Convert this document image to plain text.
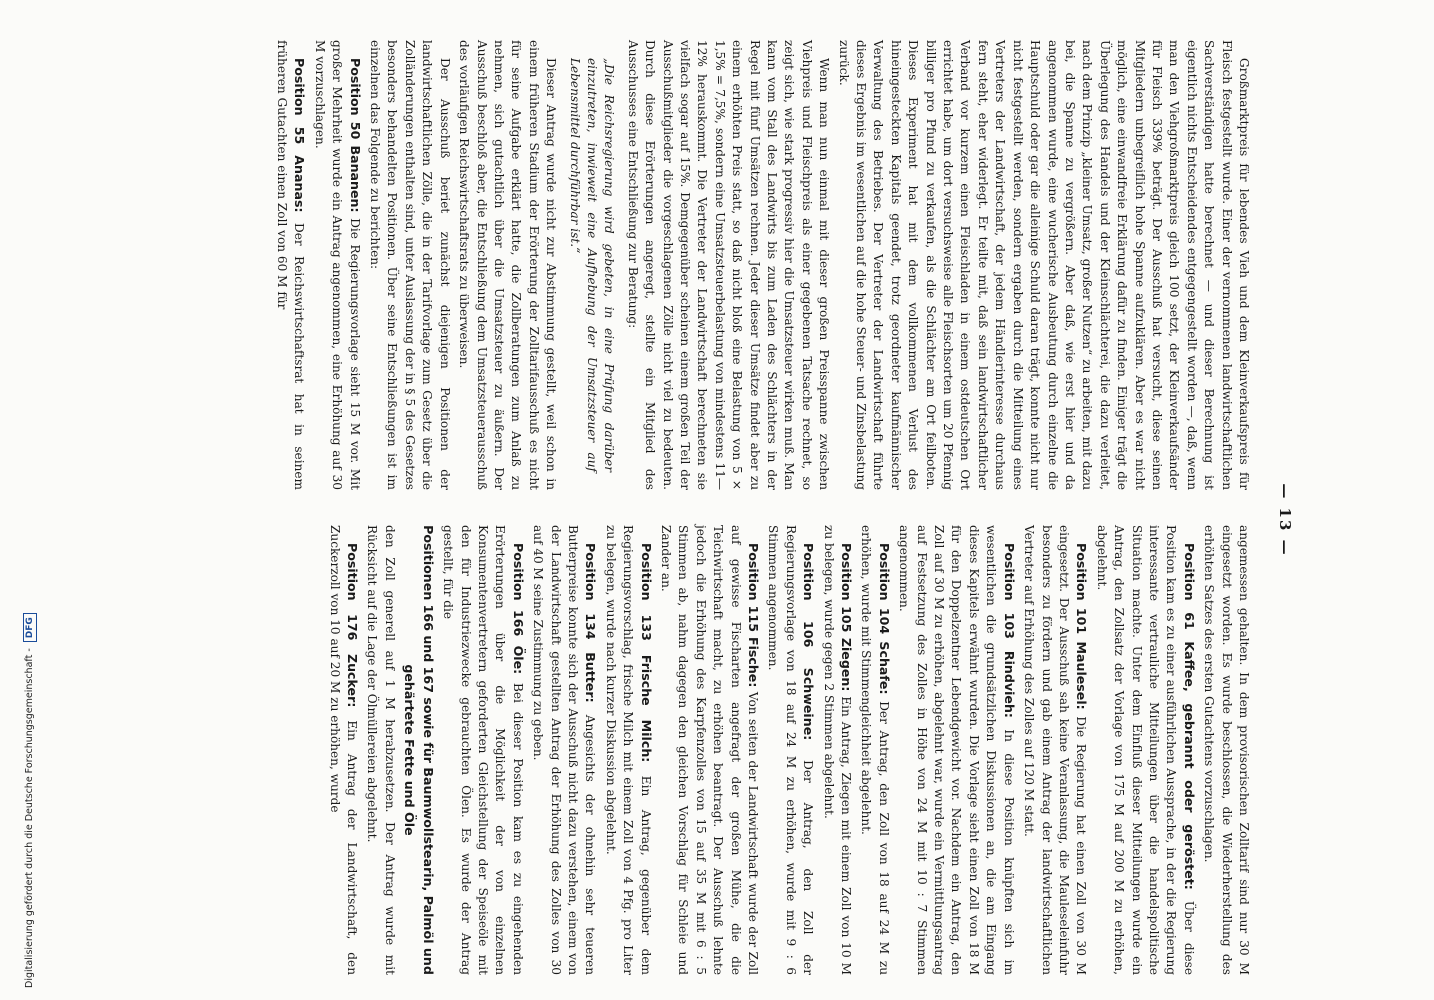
— 13 —

Großmarktpreis für lebendes Vieh und dem Kleinverkaufspreis für Fleisch festgestellt wurde. Einer der vernommenen landwirtschaftlichen Sachverständigen hatte berechnet — und dieser Berechnung ist eigentlich nichts Entscheidendes entgegengestellt worden —, daß, wenn man den Viehgroßmarktpreis gleich 100 setzt, der Kleinverkaufsänder für Fleisch 339% beträgt. Der Ausschuß hat versucht, diese seinen Mitgliedern unbegreiflich hohe Spanne aufzuklären. Aber es war nicht möglich, eine einwandfreie Erklärung dafür zu finden. Einiger trägt die Überlegung des Handels und der Kleinschlächterei, die dazu verleitet, nach dem Prinzip „kleiner Umsatz, großer Nutzen“ zu arbeiten, mit dazu bei, die Spanne zu vergrößern. Aber daß, wie erst hier und da angenommen wurde, eine wucherische Ausbeutung durch einzelne die Hauptschuld oder gar die alleinige Schuld daran trägt, konnte nicht nur nicht festgestellt werden, sondern ergaben durch die Mitteilung eines Vertreters der Landwirtschaft, der jedem Händlerinteresse durchaus fern steht, eher widerlegt. Er teilte mit, daß sein landwirtschaftlicher Verband vor kurzem einen Fleischladen in einem ostdeutschen Ort errichtet habe, um dort versuchsweise alle Fleischsorten um 20 Pfennig billiger pro Pfund zu verkaufen, als die Schlächter am Ort feilboten. Dieses Experiment hat mit dem vollkommenen Verlust des hineingesteckten Kapitals geendet, trotz geordneter kaufmännischer Verwaltung des Betriebes. Der Vertreter der Landwirtschaft führte dieses Ergebnis im wesentlichen auf die hohe Steuer- und Zinsbelastung zurück.

Wenn man nun einmal mit dieser großen Preisspanne zwischen Viehpreis und Fleischpreis als einer gegebenen Tatsache rechnet, so zeigt sich, wie stark progressiv hier die Umsatzsteuer wirken muß. Man kann vom Stall des Landwirts bis zum Laden des Schlächters in der Regel mit fünf Umsätzen rechnen. Jeder dieser Umsätze findet aber zu einem erhöhten Preis statt, so daß nicht bloß eine Belastung von 5 × 1,5% = 7,5%, sondern eine Umsatzsteuerbelastung von mindestens 11—12% herauskommt. Die Vertreter der Landwirtschaft berechneten sie vielfach sogar auf 15%. Demgegenüber scheinen einem großen Teil der Ausschußmitglieder die vorgeschlagenen Zölle nicht viel zu bedeuten. Durch diese Erörterungen angeregt, stellte ein Mitglied des Ausschusses eine Entschließung zur Beratung:

„Die Reichsregierung wird gebeten, in eine Prüfung darüber einzutreten, inwieweit eine Aufhebung der Umsatzsteuer auf Lebensmittel durchführbar ist.“

Dieser Antrag wurde nicht zur Abstimmung gestellt, weil schon in einem früheren Stadium der Erörterung der Zolltarifausschuß es nicht für seine Aufgabe erklärt hatte, die Zollberatungen zum Anlaß zu nehmen, sich gutachtlich über die Umsatzsteuer zu äußern. Der Ausschuß beschloß aber, die Entschließung dem Umsatzsteuerausschuß des vorläufigen Reichswirtschaftsrats zu überweisen.

Der Ausschuß beriet zunächst diejenigen Positionen der landwirtschaftlichen Zölle, die in der Tarifvorlage zum Gesetz über die Zolländerungen enthalten sind, unter Auslassung der in § 5 des Gesetzes besonders behandelten Positionen. Über seine Entschließungen ist im einzelnen das Folgende zu berichten:

Position 50 Bananen: Die Regierungsvorlage sieht 15 M vor. Mit großer Mehrheit wurde ein Antrag angenommen, eine Erhöhung auf 30 M vorzuschlagen.

Position 55 Ananas: Der Reichswirtschaftsrat hat in seinem früheren Gutachten einen Zoll von 60 M für

angemessen gehalten. In dem provisorischen Zolltarif sind nur 30 M eingesetzt worden. Es wurde beschlossen, die Wiederherstellung des erhöhten Satzes des ersten Gutachtens vorzuschlagen.

Position 61 Kaffee, gebrannt oder geröstet: Über diese Position kam es zu einer ausführlichen Aussprache, in der die Regierung interessante vertrauliche Mitteilungen über die handelspolitische Situation machte. Unter dem Einfluß dieser Mitteilungen wurde ein Antrag, den Zollsatz der Vorlage von 175 M auf 200 M zu erhöhen, abgelehnt.

Position 101 Maulesel: Die Regierung hat einen Zoll von 30 M eingesetzt. Der Ausschuß sah keine Veranlassung, die Mauleseleinfuhr besonders zu fördern und gab einem Antrag der landwirtschaftlichen Vertreter auf Erhöhung des Zolles auf 120 M statt.

Position 103 Rindvieh: In diese Position knüpften sich im wesentlichen die grundsätzlichen Diskussionen an, die am Eingang dieses Kapitels erwähnt wurden. Die Vorlage sieht einen Zoll von 18 M für den Doppelzentner Lebendgewicht vor. Nachdem ein Antrag, den Zoll auf 30 M zu erhöhen, abgelehnt war, wurde ein Vermittlungsantrag auf Festsetzung des Zolles in Höhe von 24 M mit 10 : 7 Stimmen angenommen.

Position 104 Schafe: Der Antrag, den Zoll von 18 auf 24 M zu erhöhen, wurde mit Stimmengleichheit abgelehnt.

Position 105 Ziegen: Ein Antrag, Ziegen mit einem Zoll von 10 M zu belegen, wurde gegen 2 Stimmen abgelehnt.

Position 106 Schweine: Der Antrag, den Zoll der Regierungsvorlage von 18 auf 24 M zu erhöhen, wurde mit 9 : 6 Stimmen angenommen.

Position 115 Fische: Von seiten der Landwirtschaft wurde der Zoll auf gewisse Fischarten angefragt der großen Mühe, die die Teichwirtschaft macht, zu erhöhen beantragt. Der Ausschuß lehnte jedoch die Erhöhung des Karpfenzolles von 15 auf 35 M mit 6 : 5 Stimmen ab, nahm dagegen den gleichen Vorschlag für Schleie und Zander an.

Position 133 Frische Milch: Ein Antrag, gegenüber dem Regierungsvorschlag, frische Milch mit einem Zoll von 4 Pfg. pro Liter zu belegen, wurde nach kurzer Diskussion abgelehnt.

Position 134 Butter: Angesichts der ohnehin sehr teueren Butterpreise konnte sich der Ausschuß nicht dazu verstehen, einem von der Landwirtschaft gestellten Antrag der Erhöhung des Zolles von 30 auf 40 M seine Zustimmung zu geben.

Position 166 Öle: Bei dieser Position kam es zu eingehenden Erörterungen über die Möglichkeit der von einzelnen Konsumentenvertretern geforderten Gleichstellung der Speiseöle mit den für Industriezwecke gebrauchten Ölen. Es wurde der Antrag gestellt, für die

Positionen 166 und 167 sowie für Baumwollstearin, Palmöl und gehärtete Fette und Öle

den Zoll generell auf 1 M herabzusetzen. Der Antrag wurde mit Rücksicht auf die Lage der Ölmüllereien abgelehnt.

Position 176 Zucker: Ein Antrag der Landwirtschaft, den Zuckerzoll von 10 auf 20 M zu erhöhen, wurde

Digitalisierung gefördert durch die Deutsche Forschungsgemeinschaft -DFG
